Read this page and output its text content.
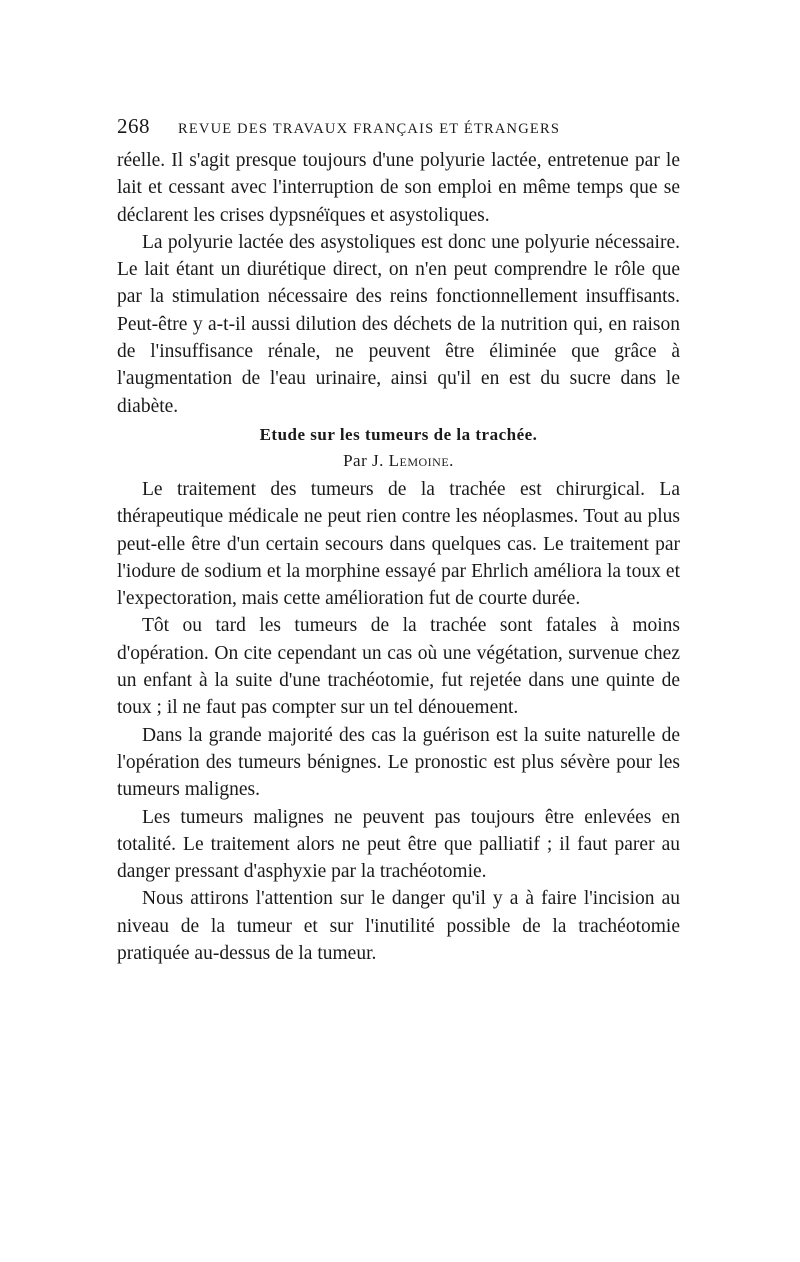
268 REVUE DES TRAVAUX FRANÇAIS ET ÉTRANGERS

réelle. Il s'agit presque toujours d'une polyurie lactée, entretenue par le lait et cessant avec l'interruption de son emploi en même temps que se déclarent les crises dypsnéïques et asystoliques.

La polyurie lactée des asystoliques est donc une polyurie nécessaire. Le lait étant un diurétique direct, on n'en peut comprendre le rôle que par la stimulation nécessaire des reins fonctionnellement insuffisants. Peut-être y a-t-il aussi dilution des déchets de la nutrition qui, en raison de l'insuffisance rénale, ne peuvent être éliminée que grâce à l'augmentation de l'eau urinaire, ainsi qu'il en est du sucre dans le diabète.

Etude sur les tumeurs de la trachée.
Par J. Lemoine.

Le traitement des tumeurs de la trachée est chirurgical. La thérapeutique médicale ne peut rien contre les néoplasmes. Tout au plus peut-elle être d'un certain secours dans quelques cas. Le traitement par l'iodure de sodium et la morphine essayé par Ehrlich améliora la toux et l'expectoration, mais cette amélioration fut de courte durée.

Tôt ou tard les tumeurs de la trachée sont fatales à moins d'opération. On cite cependant un cas où une végétation, survenue chez un enfant à la suite d'une trachéotomie, fut rejetée dans une quinte de toux ; il ne faut pas compter sur un tel dénouement.

Dans la grande majorité des cas la guérison est la suite naturelle de l'opération des tumeurs bénignes. Le pronostic est plus sévère pour les tumeurs malignes.

Les tumeurs malignes ne peuvent pas toujours être enlevées en totalité. Le traitement alors ne peut être que palliatif ; il faut parer au danger pressant d'asphyxie par la trachéotomie.

Nous attirons l'attention sur le danger qu'il y a à faire l'incision au niveau de la tumeur et sur l'inutilité possible de la trachéotomie pratiquée au-dessus de la tumeur.
